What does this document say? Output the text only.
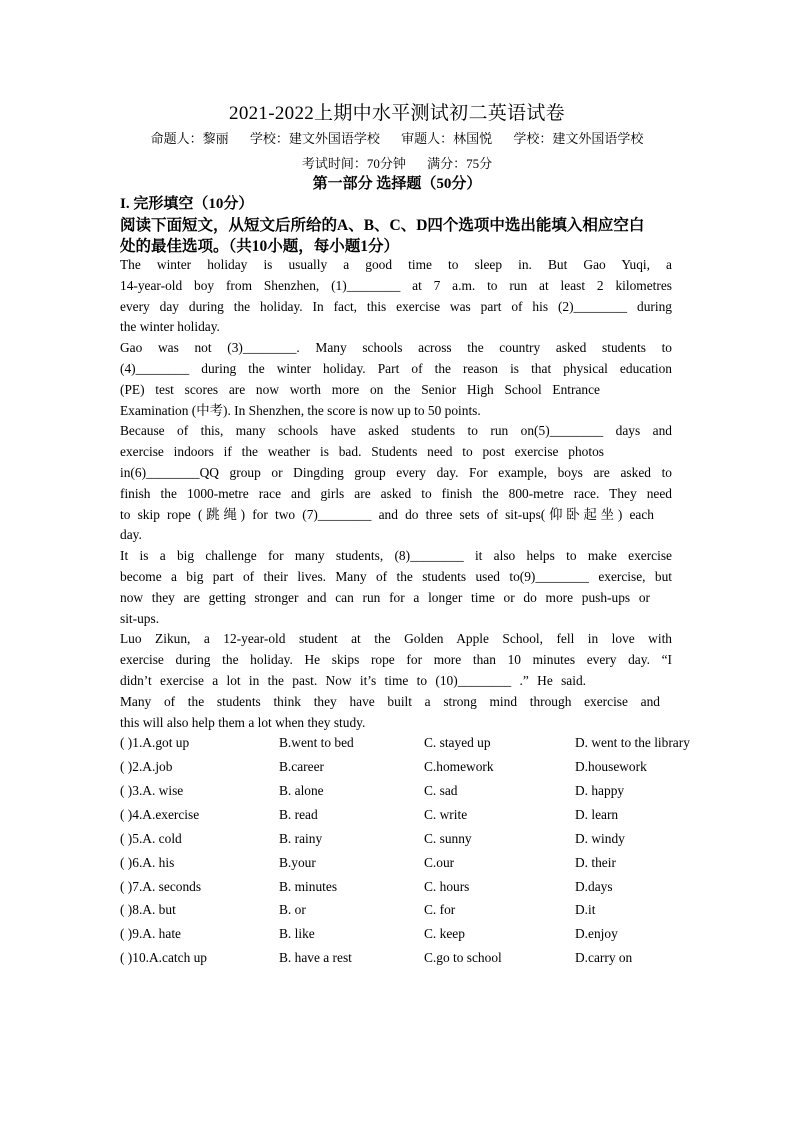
2021-2022上期中水平测试初二英语试卷
命题人：黎丽 学校：建文外国语学校 审题人：林国悦 学校：建文外国语学校
考试时间：70分钟 满分：75分
第一部分 选择题（50分）
I. 完形填空（10分）
阅读下面短文，从短文后所给的A、B、C、D四个选项中选出能填入相应空白
处的最佳选项。（共10小题，每小题1分）
The winter holiday is usually a good time to sleep in. But Gao Yuqi, a
14-year-old boy from Shenzhen, (1)________ at 7 a.m. to run at least 2 kilometres
every day during the holiday. In fact, this exercise was part of his (2)________ during
the winter holiday.
Gao was not (3)________. Many schools across the country asked students to
(4)________ during the winter holiday. Part of the reason is that physical education
(PE) test scores are now worth more on the Senior High School Entrance
Examination (中考). In Shenzhen, the score is now up to 50 points.
Because of this, many schools have asked students to run on(5)________ days and
exercise indoors if the weather is bad. Students need to post exercise photos
in(6)________QQ group or Dingding group every day. For example, boys are asked to
finish the 1000-metre race and girls are asked to finish the 800-metre race. They need
to skip rope (跳绳) for two (7)________ and do three sets of sit-ups(仰卧起坐) each
day.
It is a big challenge for many students, (8)________ it also helps to make exercise
become a big part of their lives. Many of the students used to(9)________ exercise, but
now they are getting stronger and can run for a longer time or do more push-ups or
sit-ups.
Luo Zikun, a 12-year-old student at the Golden Apple School, fell in love with
exercise during the holiday. He skips rope for more than 10 minutes every day. “I
didn’t exercise a lot in the past. Now it’s time to (10)________ .” He said.
Many of the students think they have built a strong mind through exercise and
this will also help them a lot when they study.
( )1.A.got up	B.went to bed	C. stayed up	D. went to the library
( )2.A.job	B.career	C.homework	D.housework
( )3.A. wise	B. alone	C. sad	D. happy
( )4.A.exercise	B. read	C. write	D. learn
( )5.A. cold	B. rainy	C. sunny	D. windy
( )6.A. his	B.your	C.our	D. their
( )7.A. seconds	B. minutes	C. hours	D.days
( )8.A. but	B. or	C. for	D.it
( )9.A. hate	B. like	C. keep	D.enjoy
( )10.A.catch up	B. have a rest	C.go to school	D.carry on
